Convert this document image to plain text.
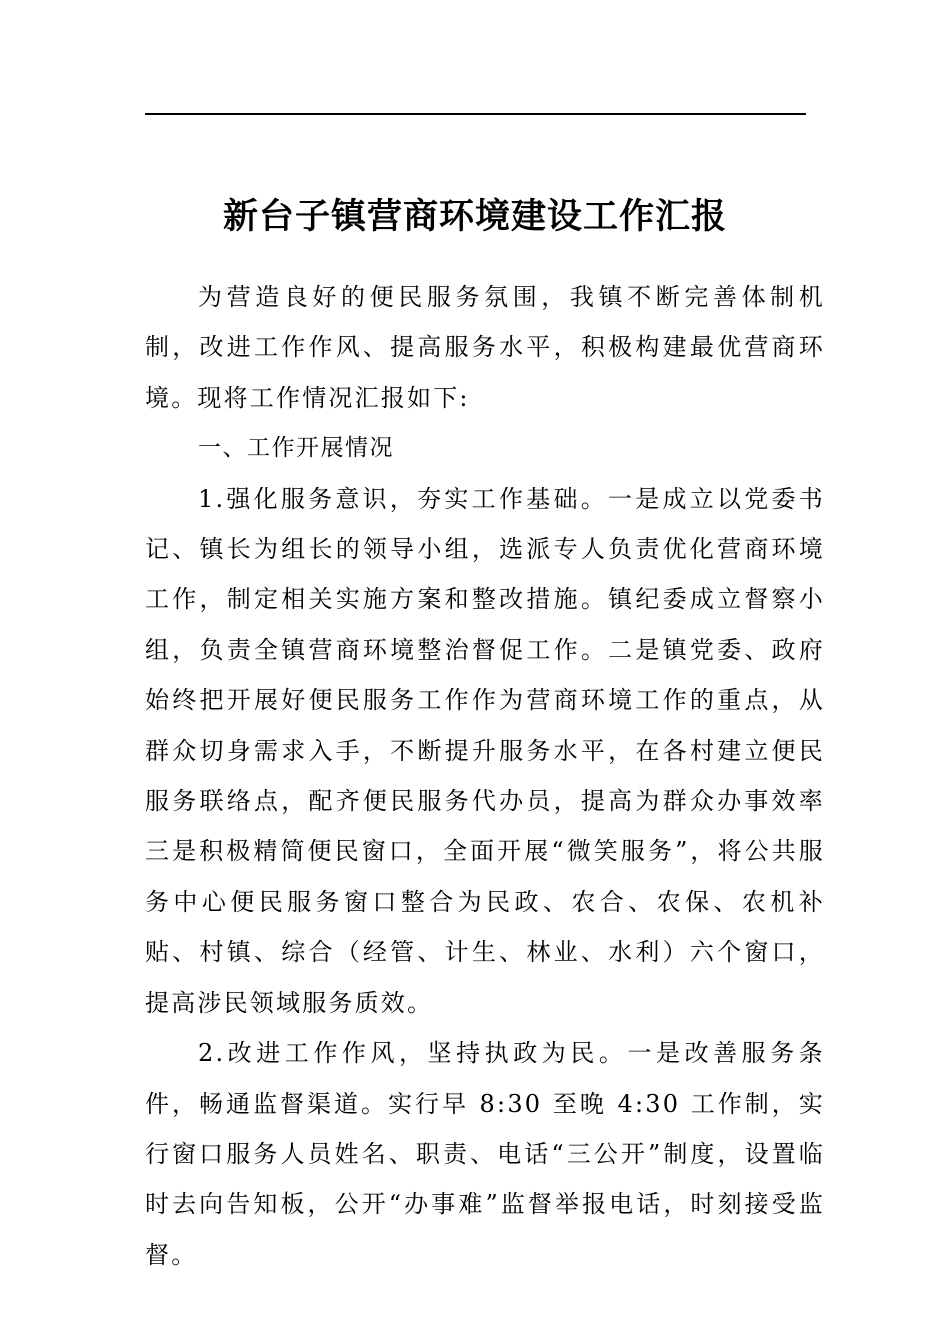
新台子镇营商环境建设工作汇报

为营造良好的便民服务氛围，我镇不断完善体制机制，改进工作作风、提高服务水平，积极构建最优营商环境。现将工作情况汇报如下:

一、工作开展情况

1.强化服务意识，夯实工作基础。一是成立以党委书记、镇长为组长的领导小组，选派专人负责优化营商环境工作，制定相关实施方案和整改措施。镇纪委成立督察小组，负责全镇营商环境整治督促工作。二是镇党委、政府始终把开展好便民服务工作作为营商环境工作的重点，从群众切身需求入手，不断提升服务水平，在各村建立便民服务联络点，配齐便民服务代办员，提高为群众办事效率三是积极精简便民窗口，全面开展“微笑服务”，将公共服务中心便民服务窗口整合为民政、农合、农保、农机补贴、村镇、综合（经管、计生、林业、水利）六个窗口，提高涉民领域服务质效。

2.改进工作作风，坚持执政为民。一是改善服务条件，畅通监督渠道。实行早 8:30 至晚 4:30 工作制，实行窗口服务人员姓名、职责、电话“三公开”制度，设置临时去向告知板，公开“办事难”监督举报电话，时刻接受监督。
